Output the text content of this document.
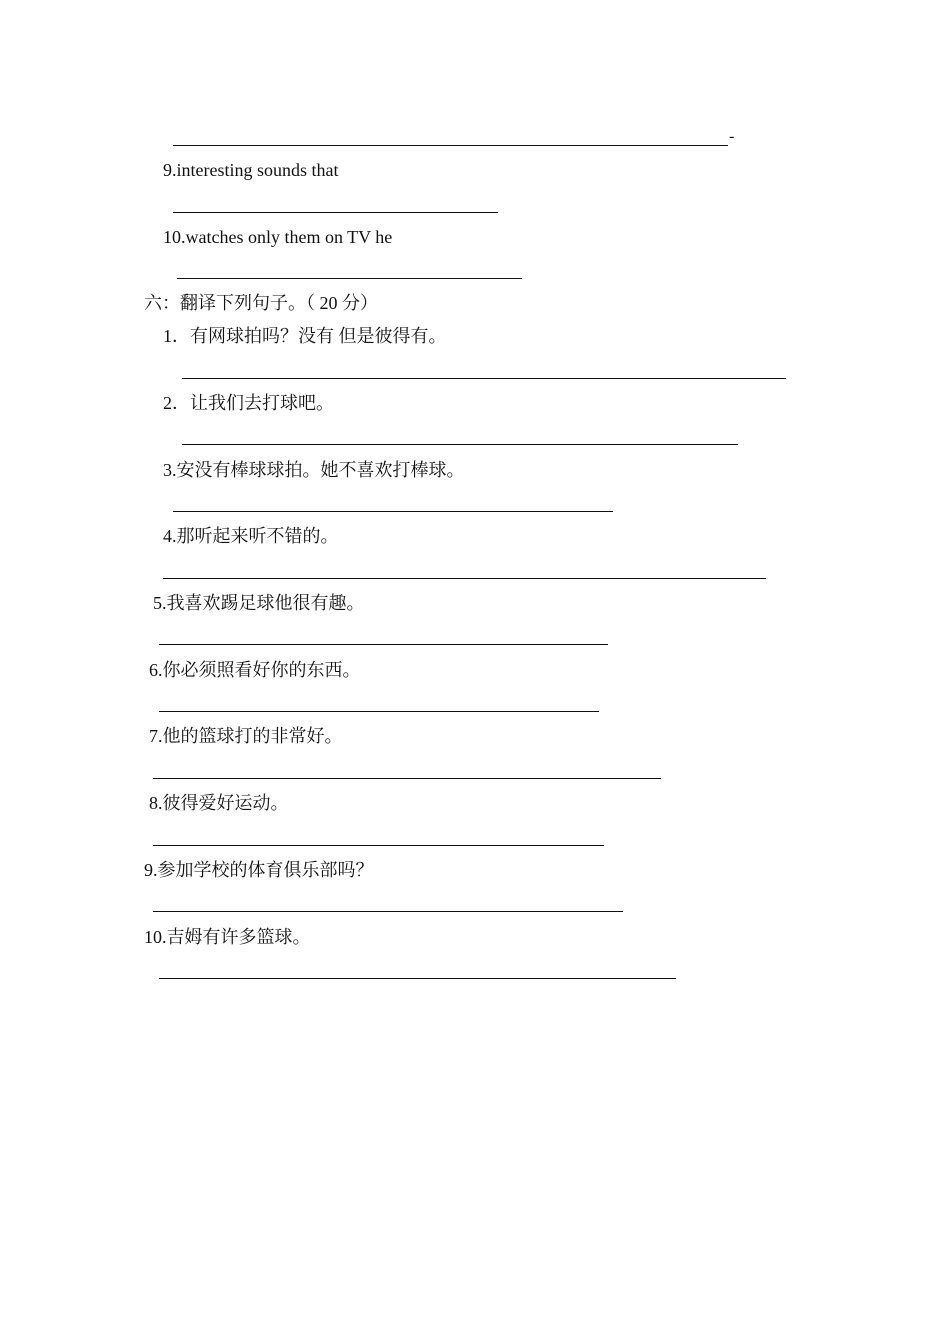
-
9.interesting sounds that
10.watches only them on TV he
六：翻译下列句子。（ 20 分）
1．有网球拍吗？没有 但是彼得有。
2．让我们去打球吧。
3.安没有棒球球拍。她不喜欢打棒球。
4.那听起来听不错的。
5.我喜欢踢足球他很有趣。
6.你必须照看好你的东西。
7.他的篮球打的非常好。
8.彼得爱好运动。
9.参加学校的体育俱乐部吗？
10.吉姆有许多篮球。
